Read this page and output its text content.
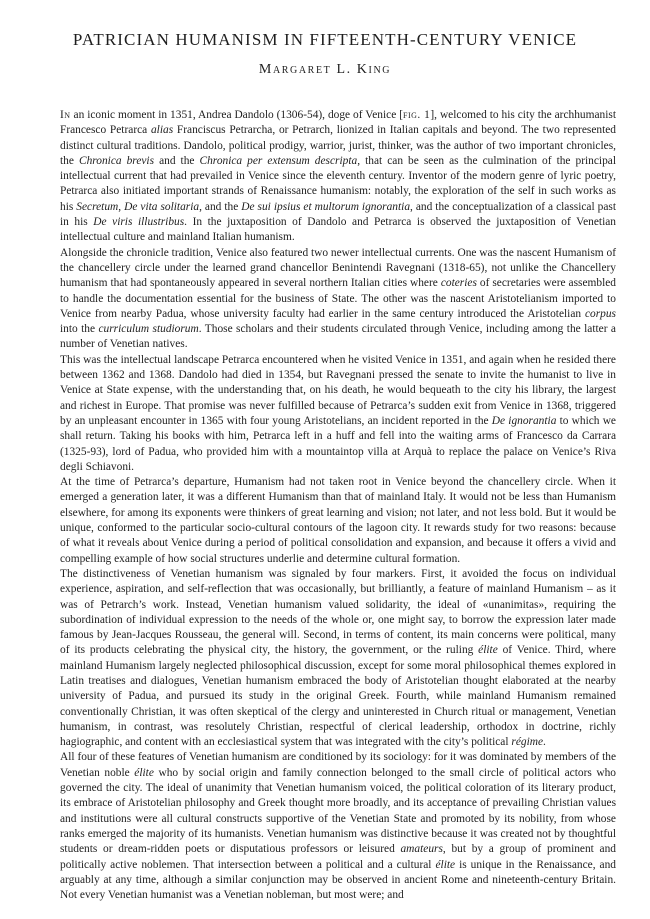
PATRICIAN HUMANISM IN FIFTEENTH-CENTURY VENICE
Margaret L. King

In an iconic moment in 1351, Andrea Dandolo (1306-54), doge of Venice [fig. 1], welcomed to his city the archhumanist Francesco Petrarca alias Franciscus Petrarcha, or Petrarch, lionized in Italian capitals and beyond. The two represented distinct cultural traditions. Dandolo, political prodigy, warrior, jurist, thinker, was the author of two important chronicles, the Chronica brevis and the Chronica per extensum descripta, that can be seen as the culmination of the principal intellectual current that had prevailed in Venice since the eleventh century. Inventor of the modern genre of lyric poetry, Petrarca also initiated important strands of Renaissance humanism: notably, the exploration of the self in such works as his Secretum, De vita solitaria, and the De sui ipsius et multorum ignorantia, and the conceptualization of a classical past in his De viris illustribus. In the juxtaposition of Dandolo and Petrarca is observed the juxtaposition of Venetian intellectual culture and mainland Italian humanism.

Alongside the chronicle tradition, Venice also featured two newer intellectual currents. One was the nascent Humanism of the chancellery circle under the learned grand chancellor Benintendi Ravegnani (1318-65), not unlike the Chancellery humanism that had spontaneously appeared in several northern Italian cities where coteries of secretaries were assembled to handle the documentation essential for the business of State. The other was the nascent Aristotelianism imported to Venice from nearby Padua, whose university faculty had earlier in the same century introduced the Aristotelian corpus into the curriculum studiorum. Those scholars and their students circulated through Venice, including among the latter a number of Venetian natives.

This was the intellectual landscape Petrarca encountered when he visited Venice in 1351, and again when he resided there between 1362 and 1368. Dandolo had died in 1354, but Ravegnani pressed the senate to invite the humanist to live in Venice at State expense, with the understanding that, on his death, he would bequeath to the city his library, the largest and richest in Europe. That promise was never fulfilled because of Petrarca’s sudden exit from Venice in 1368, triggered by an unpleasant encounter in 1365 with four young Aristotelians, an incident reported in the De ignorantia to which we shall return. Taking his books with him, Petrarca left in a huff and fell into the waiting arms of Francesco da Carrara (1325-93), lord of Padua, who provided him with a mountaintop villa at Arquà to replace the palace on Venice’s Riva degli Schiavoni.

At the time of Petrarca’s departure, Humanism had not taken root in Venice beyond the chancellery circle. When it emerged a generation later, it was a different Humanism than that of mainland Italy. It would not be less than Humanism elsewhere, for among its exponents were thinkers of great learning and vision; not later, and not less bold. But it would be unique, conformed to the particular socio-cultural contours of the lagoon city. It rewards study for two reasons: because of what it reveals about Venice during a period of political consolidation and expansion, and because it offers a vivid and compelling example of how social structures underlie and determine cultural formation.

The distinctiveness of Venetian humanism was signaled by four markers. First, it avoided the focus on individual experience, aspiration, and self-reflection that was occasionally, but brilliantly, a feature of mainland Humanism – as it was of Petrarch’s work. Instead, Venetian humanism valued solidarity, the ideal of «unanimitas», requiring the subordination of individual expression to the needs of the whole or, one might say, to borrow the expression later made famous by Jean-Jacques Rousseau, the general will. Second, in terms of content, its main concerns were political, many of its products celebrating the physical city, the history, the government, or the ruling élite of Venice. Third, where mainland Humanism largely neglected philosophical discussion, except for some moral philosophical themes explored in Latin treatises and dialogues, Venetian humanism embraced the body of Aristotelian thought elaborated at the nearby university of Padua, and pursued its study in the original Greek. Fourth, while mainland Humanism remained conventionally Christian, it was often skeptical of the clergy and uninterested in Church ritual or management, Venetian humanism, in contrast, was resolutely Christian, respectful of clerical leadership, orthodox in doctrine, richly hagiographic, and content with an ecclesiastical system that was integrated with the city’s political régime.

All four of these features of Venetian humanism are conditioned by its sociology: for it was dominated by members of the Venetian noble élite who by social origin and family connection belonged to the small circle of political actors who governed the city. The ideal of unanimity that Venetian humanism voiced, the political coloration of its literary product, its embrace of Aristotelian philosophy and Greek thought more broadly, and its acceptance of prevailing Christian values and institutions were all cultural constructs supportive of the Venetian State and promoted by its nobility, from whose ranks emerged the majority of its humanists. Venetian humanism was distinctive because it was created not by thoughtful students or dream-ridden poets or disputatious professors or leisured amateurs, but by a group of prominent and politically active noblemen. That intersection between a political and a cultural élite is unique in the Renaissance, and arguably at any time, although a similar conjunction may be observed in ancient Rome and nineteenth-century Britain. Not every Venetian humanist was a Venetian nobleman, but most were; and
